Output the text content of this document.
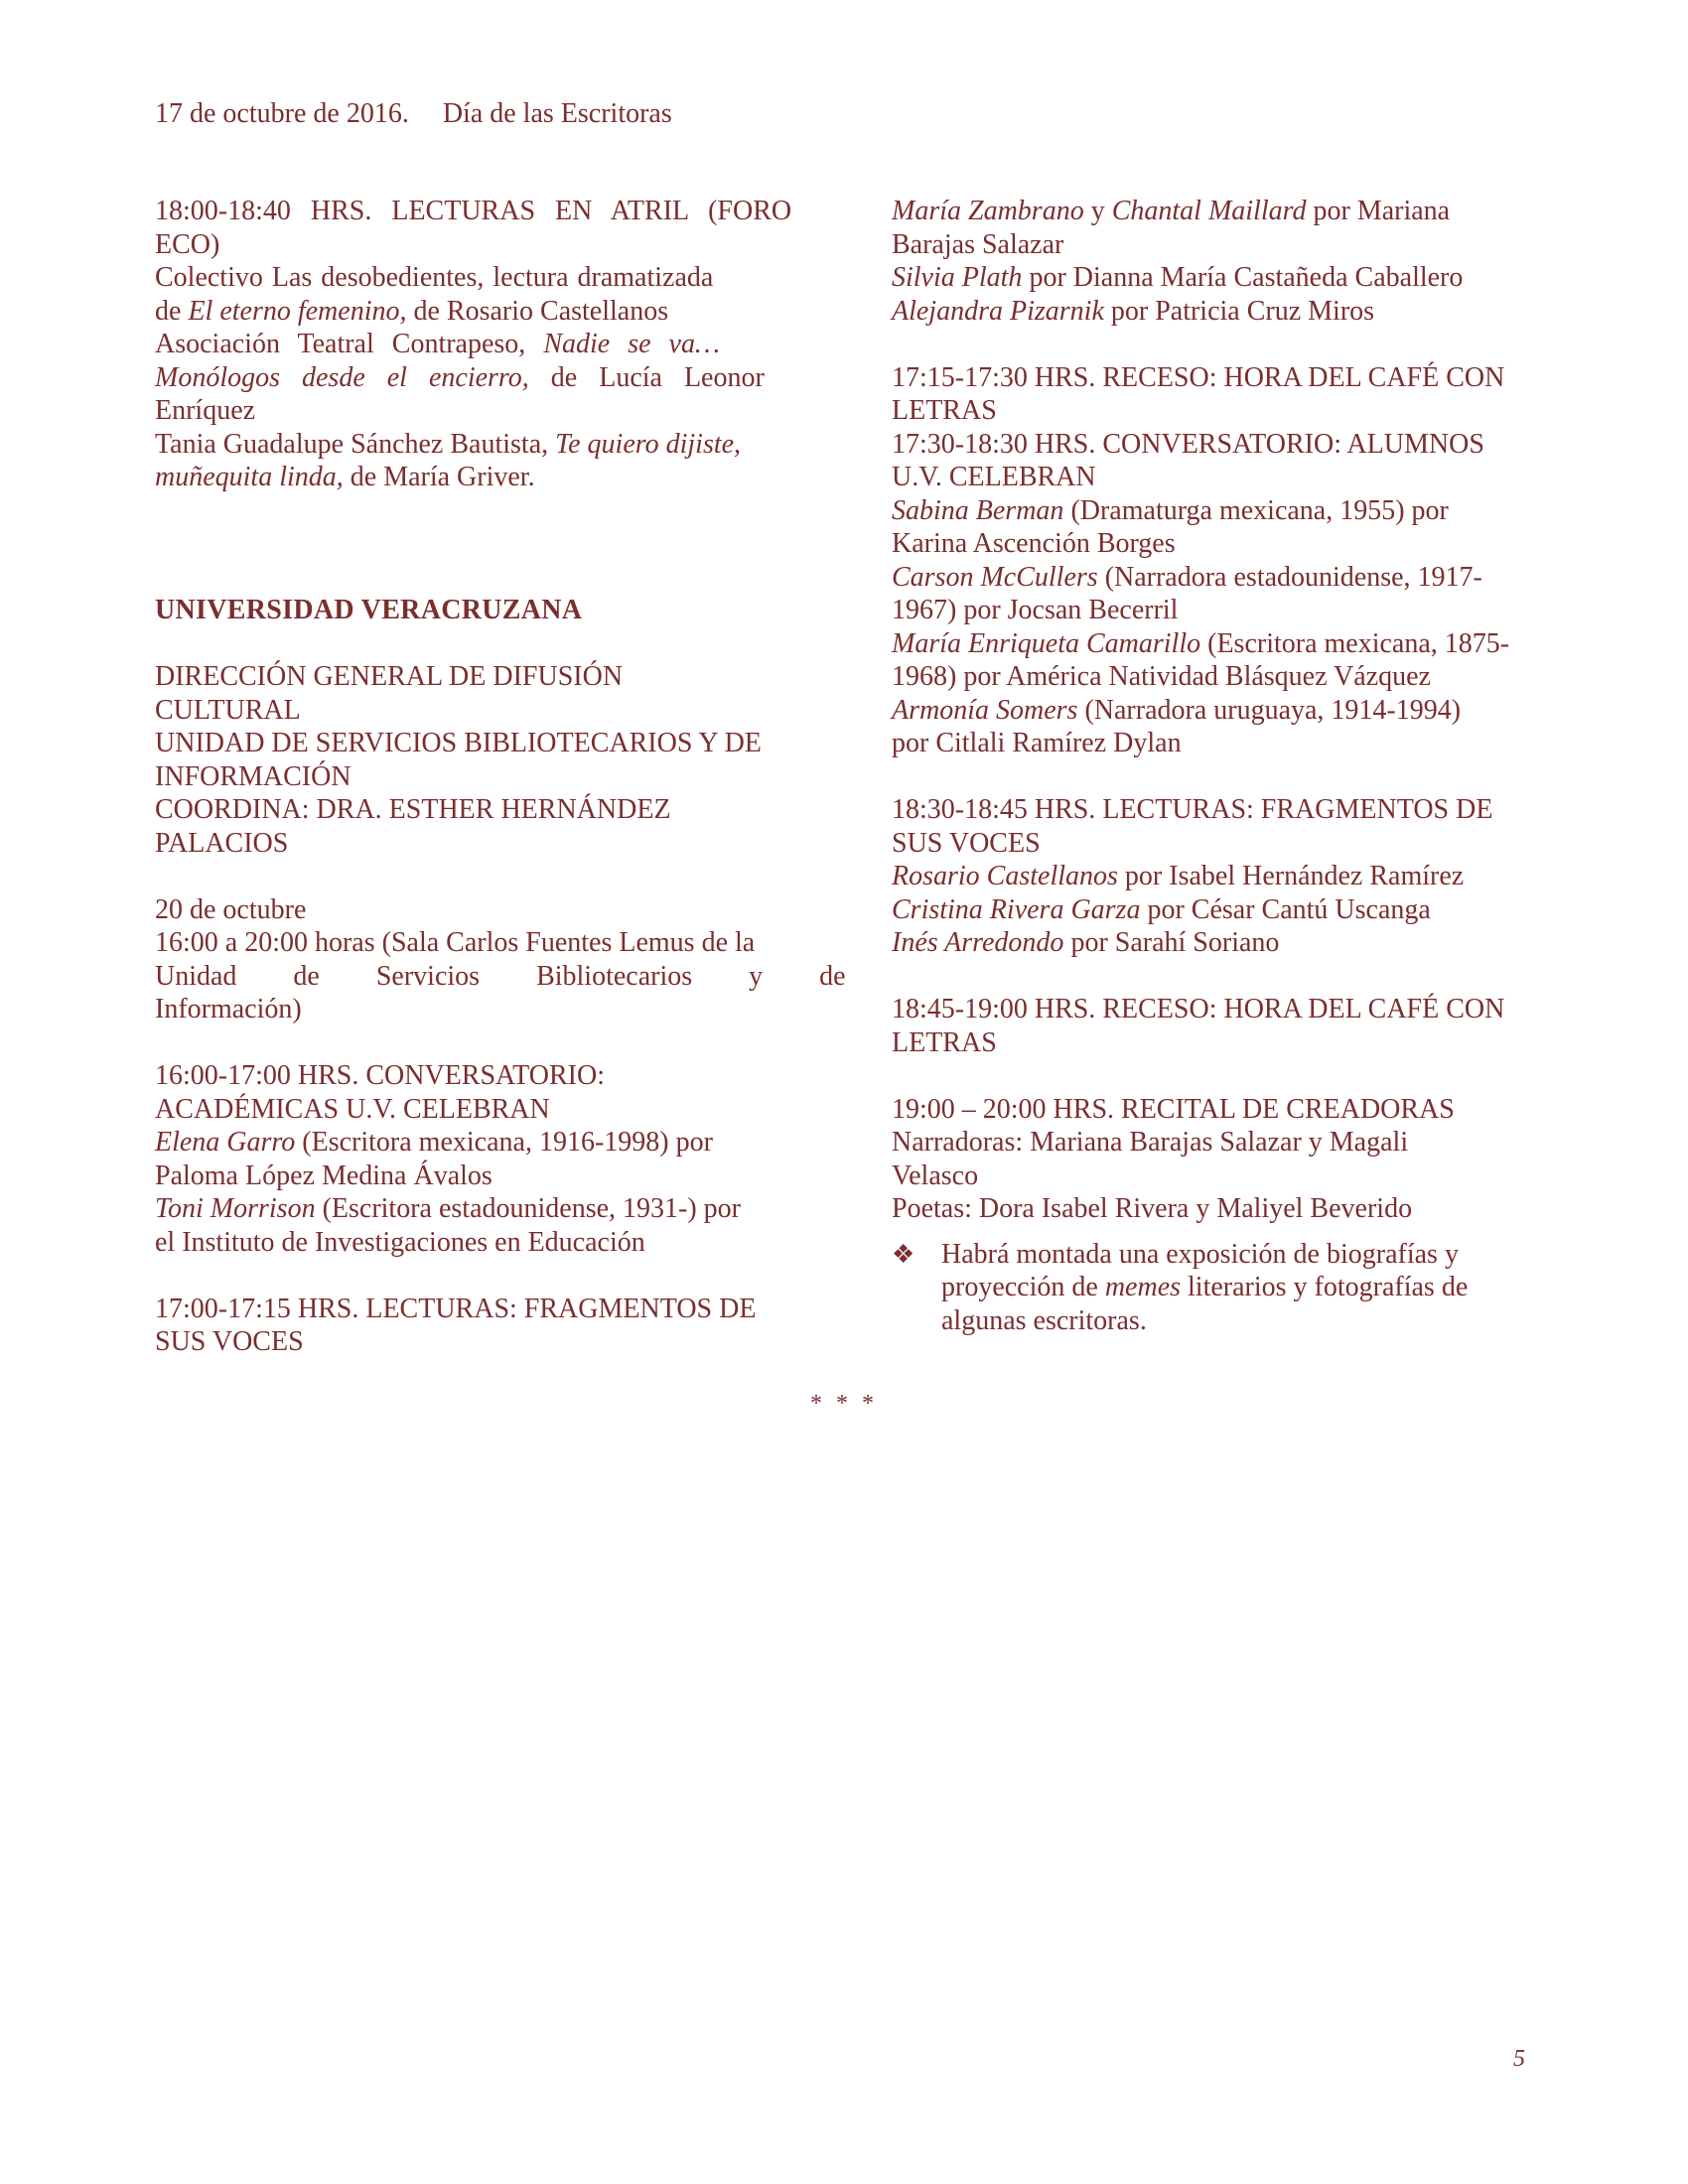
17 de octubre de 2016. Día de las Escritoras
18:00-18:40 HRS. LECTURAS EN ATRIL (FORO
ECO)
Colectivo Las desobedientes, lectura dramatizada
de El eterno femenino, de Rosario Castellanos
Asociación Teatral Contrapeso, Nadie se va…
Monólogos desde el encierro, de Lucía Leonor
Enríquez
Tania Guadalupe Sánchez Bautista, Te quiero dijiste,
muñequita linda, de María Griver.
UNIVERSIDAD VERACRUZANA
DIRECCIÓN GENERAL DE DIFUSIÓN
CULTURAL
UNIDAD DE SERVICIOS BIBLIOTECARIOS Y DE
INFORMACIÓN
COORDINA: DRA. ESTHER HERNÁNDEZ
PALACIOS
20 de octubre
16:00 a 20:00 horas (Sala Carlos Fuentes Lemus de la
Unidad de Servicios Bibliotecarios y de
Información)
16:00-17:00 HRS. CONVERSATORIO:
ACADÉMICAS U.V. CELEBRAN
Elena Garro (Escritora mexicana, 1916-1998) por
Paloma López Medina Ávalos
Toni Morrison (Escritora estadounidense, 1931-) por
el Instituto de Investigaciones en Educación
17:00-17:15 HRS. LECTURAS: FRAGMENTOS DE
SUS VOCES
María Zambrano y Chantal Maillard por Mariana
Barajas Salazar
Silvia Plath por Dianna María Castañeda Caballero
Alejandra Pizarnik por Patricia Cruz Miros
17:15-17:30 HRS. RECESO: HORA DEL CAFÉ CON
LETRAS
17:30-18:30 HRS. CONVERSATORIO: ALUMNOS
U.V. CELEBRAN
Sabina Berman (Dramaturga mexicana, 1955) por
Karina Ascención Borges
Carson McCullers (Narradora estadounidense, 1917-
1967) por Jocsan Becerril
María Enriqueta Camarillo (Escritora mexicana, 1875-
1968) por América Natividad Blásquez Vázquez
Armonía Somers (Narradora uruguaya, 1914-1994)
por Citlali Ramírez Dylan
18:30-18:45 HRS. LECTURAS: FRAGMENTOS DE
SUS VOCES
Rosario Castellanos por Isabel Hernández Ramírez
Cristina Rivera Garza por César Cantú Uscanga
Inés Arredondo por Sarahí Soriano
18:45-19:00 HRS. RECESO: HORA DEL CAFÉ CON
LETRAS
19:00 – 20:00 HRS. RECITAL DE CREADORAS
Narradoras: Mariana Barajas Salazar y Magali
Velasco
Poetas: Dora Isabel Rivera y Maliyel Beverido
❖ Habrá montada una exposición de biografías y
proyección de memes literarios y fotografías de
algunas escritoras.
* * *
5
